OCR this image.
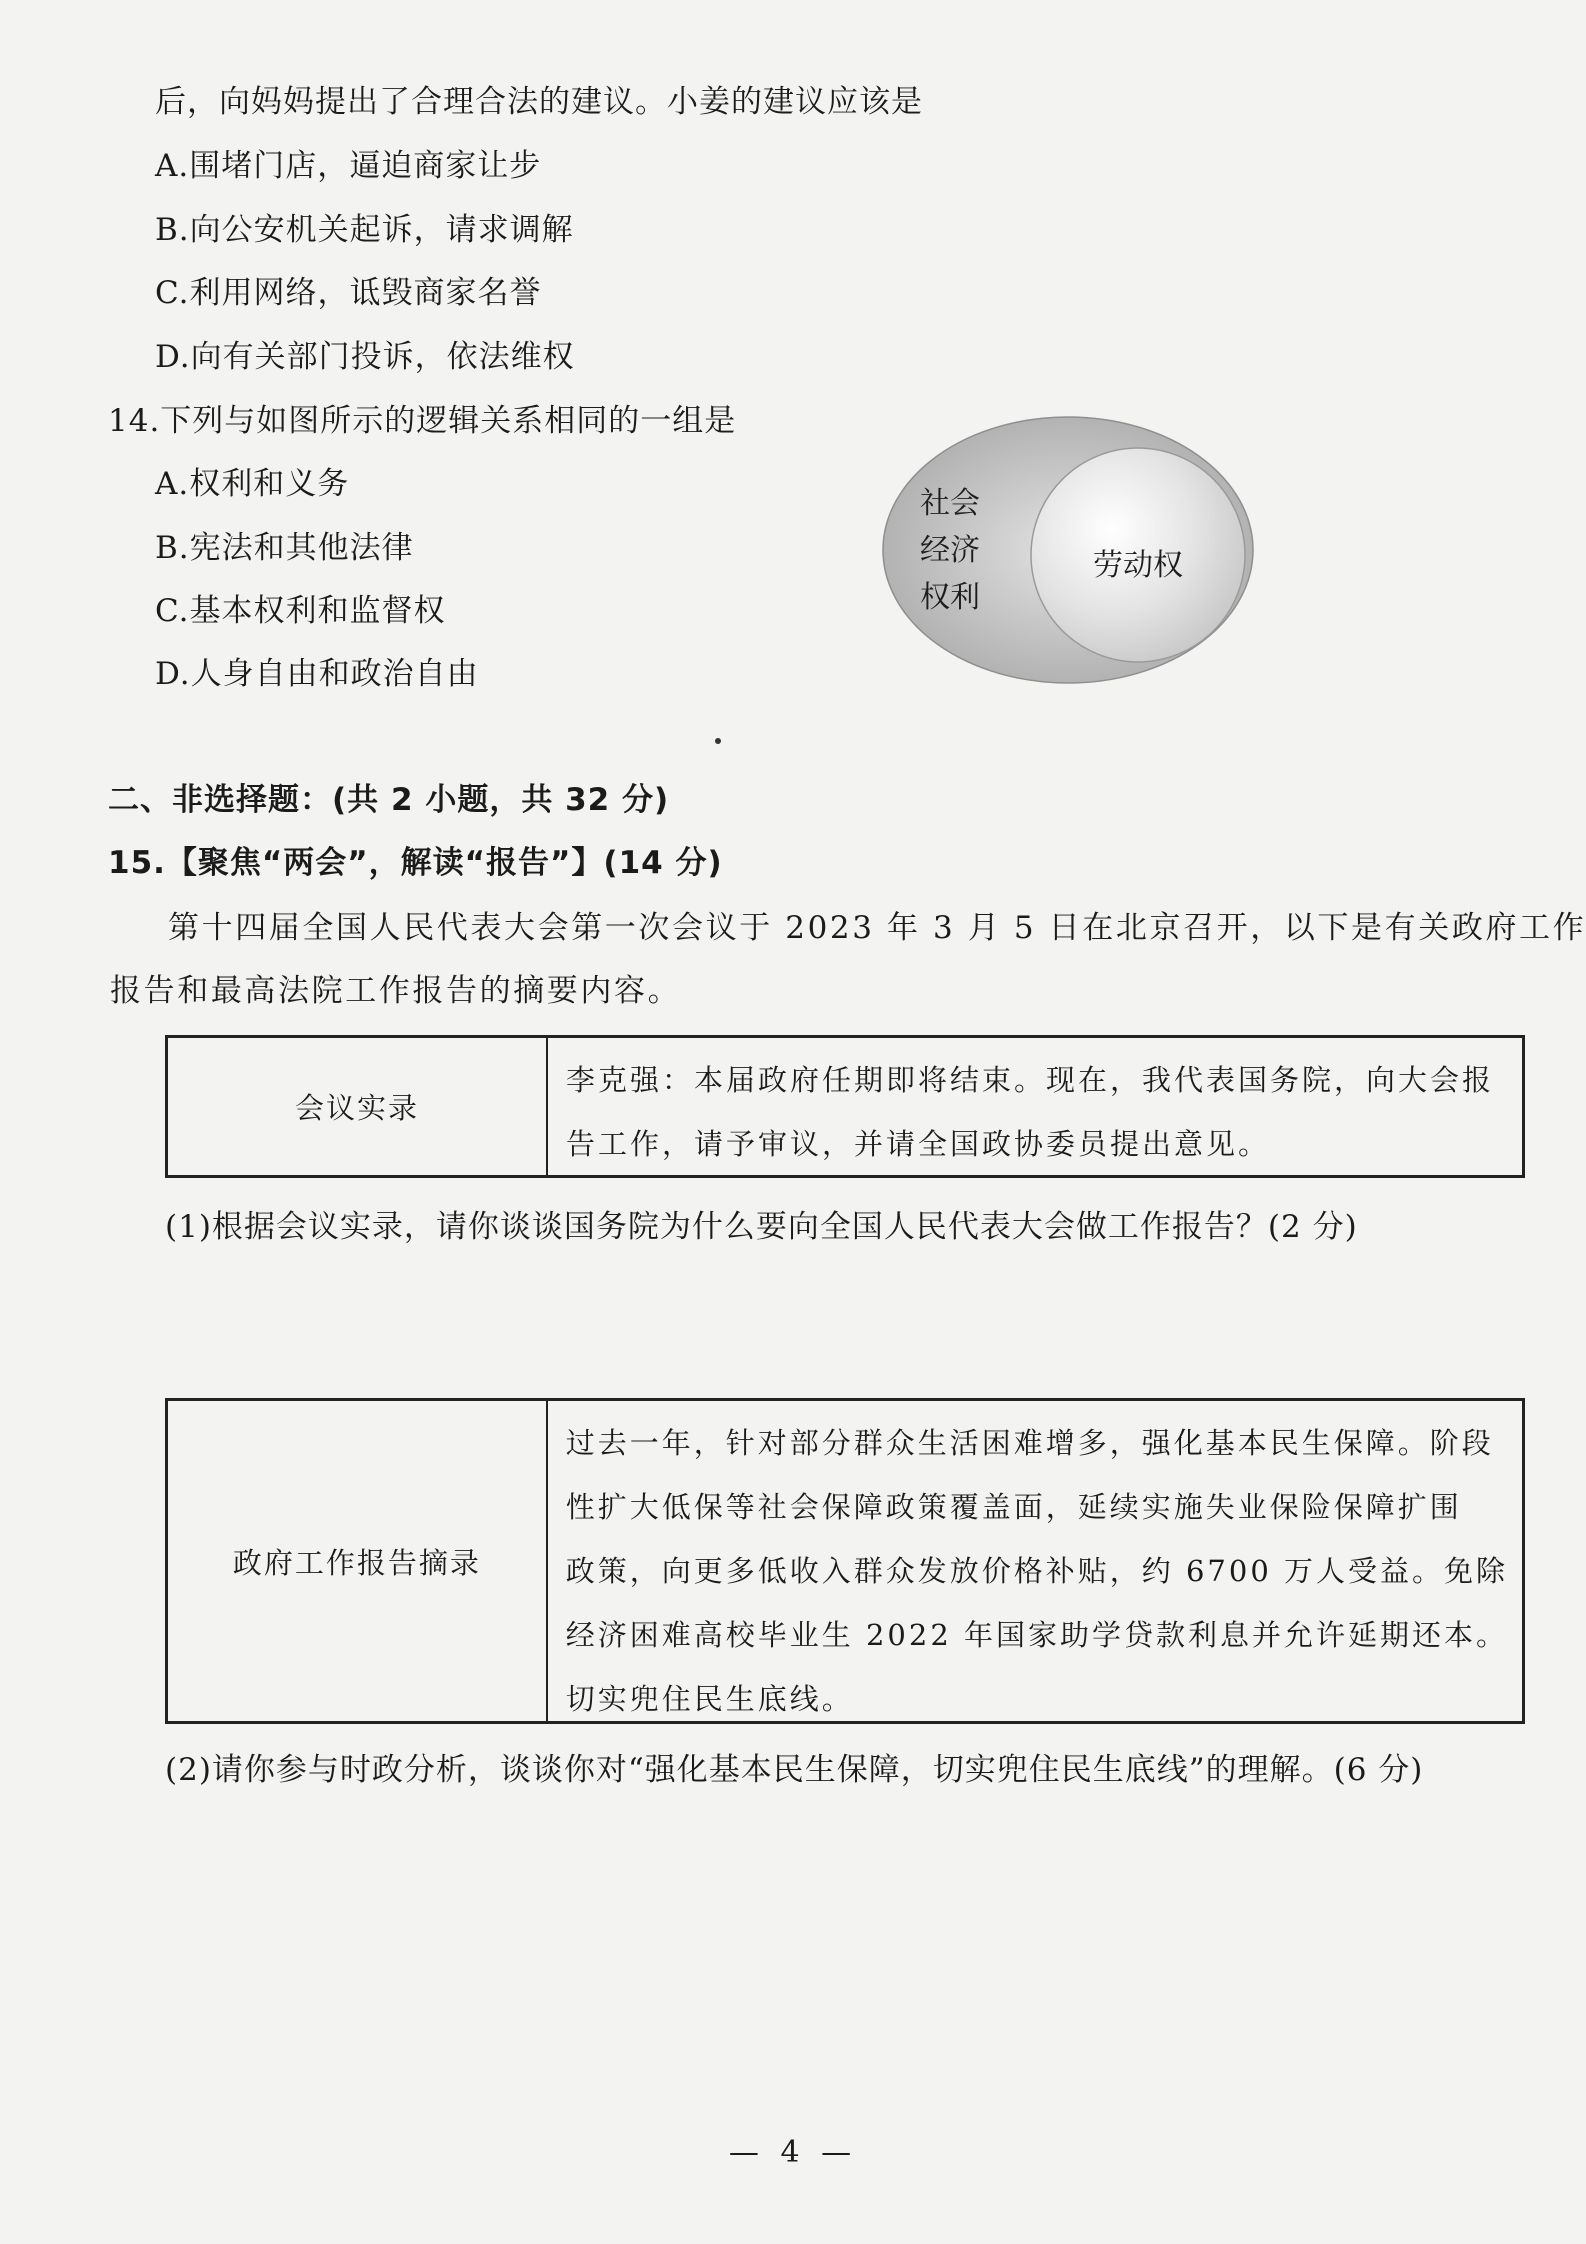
后，向妈妈提出了合理合法的建议。小姜的建议应该是
A.围堵门店，逼迫商家让步
B.向公安机关起诉，请求调解
C.利用网络，诋毁商家名誉
D.向有关部门投诉，依法维权
14.下列与如图所示的逻辑关系相同的一组是
A.权利和义务
B.宪法和其他法律
C.基本权利和监督权
D.人身自由和政治自由
社会
经济
权利
劳动权
二、非选择题：(共 2 小题，共 32 分)
15.【聚焦“两会”，解读“报告”】(14 分)
第十四届全国人民代表大会第一次会议于 2023 年 3 月 5 日在北京召开，以下是有关政府工作
报告和最高法院工作报告的摘要内容。
会议实录
李克强：本届政府任期即将结束。现在，我代表国务院，向大会报
告工作，请予审议，并请全国政协委员提出意见。
(1)根据会议实录，请你谈谈国务院为什么要向全国人民代表大会做工作报告？(2 分)
政府工作报告摘录
过去一年，针对部分群众生活困难增多，强化基本民生保障。阶段
性扩大低保等社会保障政策覆盖面，延续实施失业保险保障扩围
政策，向更多低收入群众发放价格补贴，约 6700 万人受益。免除
经济困难高校毕业生 2022 年国家助学贷款利息并允许延期还本。
切实兜住民生底线。
(2)请你参与时政分析，谈谈你对“强化基本民生保障，切实兜住民生底线”的理解。(6 分)
— 4 —
